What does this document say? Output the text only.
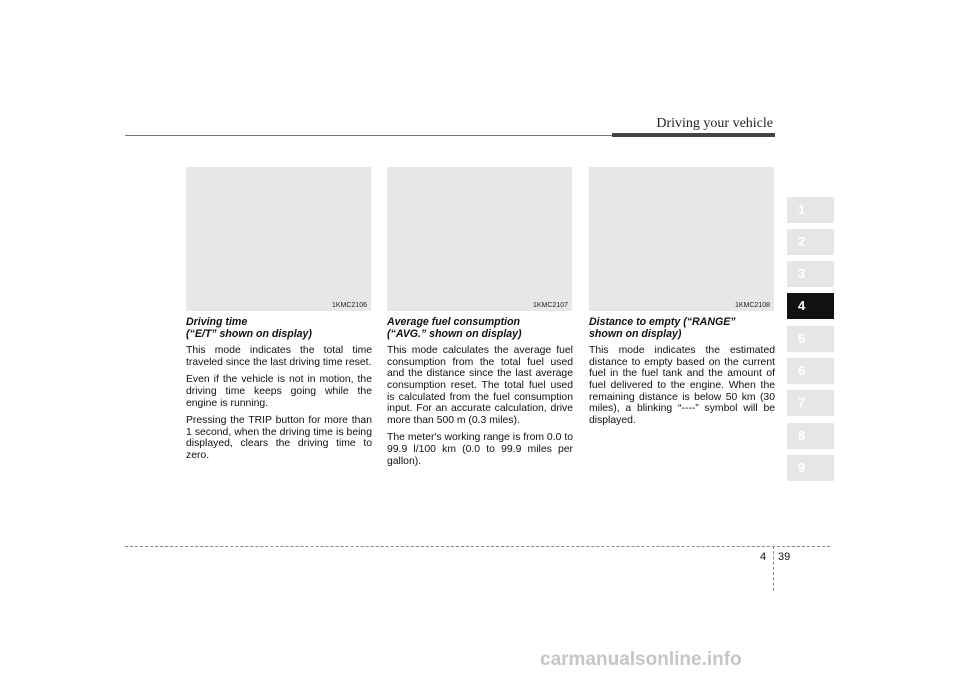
Driving your vehicle
1KMC2106	1KMC2107	1KMC2108
Driving time
(“E/T” shown on display)

This mode indicates the total time traveled since the last driving time reset.

Even if the vehicle is not in motion, the driving time keeps going while the engine is running.

Pressing the TRIP button for more than 1 second, when the driving time is being displayed, clears the driving time to zero.

Average fuel consumption
(“AVG.” shown on display)

This mode calculates the average fuel consumption from the total fuel used and the distance since the last average consumption reset. The total fuel used is calculated from the fuel consumption input. For an accurate calculation, drive more than 500 m (0.3 miles).

The meter's working range is from 0.0 to 99.9 l/100 km (0.0 to 99.9 miles per gallon).

Distance to empty (“RANGE”
shown on display)

This mode indicates the estimated distance to empty based on the current fuel in the fuel tank and the amount of fuel delivered to the engine. When the remaining distance is below 50 km (30 miles), a blinking “----” symbol will be displayed.

1
2
3
4
5
6
7
8
9
4 39
carmanualsonline.info
